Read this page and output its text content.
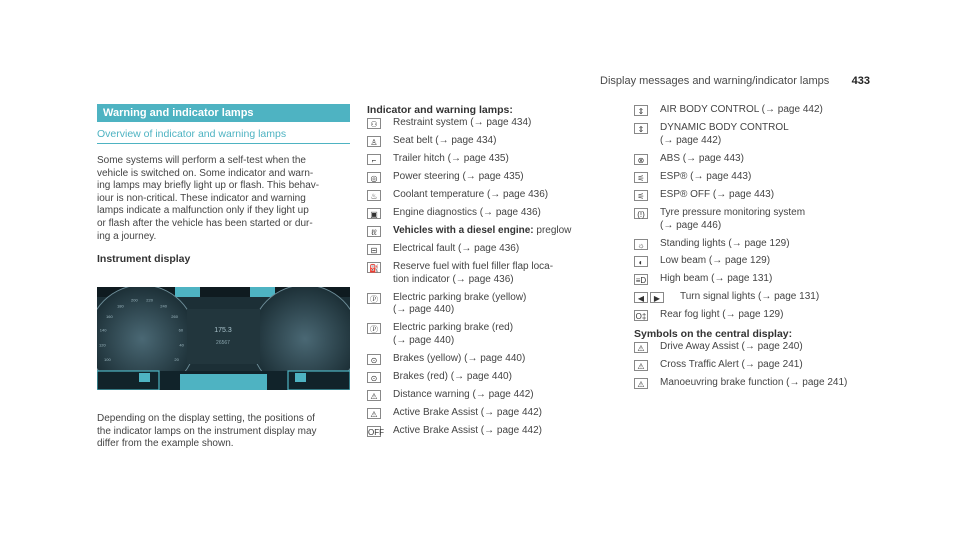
Display messages and warning/indicator lamps 433
Warning and indicator lamps
Overview of indicator and warning lamps
Some systems will perform a self-test when the
vehicle is switched on. Some indicator and warn-
ing lamps may briefly light up or flash. This behav-
iour is non-critical. These indicator and warning
lamps indicate a malfunction only if they light up
or flash after the vehicle has been started or dur-
ing a journey.
Instrument display
175.3
26567
100
120
140
160
180
200 220
240
260
60
40
20
Depending on the display setting, the positions of
the indicator lamps on the instrument display may
differ from the example shown.
Indicator and warning lamps:
⚇	Restraint system (→ page 434)
♙	Seat belt (→ page 434)
⌐	Trailer hitch (→ page 435)
◎	Power steering (→ page 435)
♨	Coolant temperature (→ page 436)
▣	Engine diagnostics (→ page 436)
ℓℓ	Vehicles with a diesel engine: preglow
⊟	Electrical fault (→ page 436)
⛽ Reserve fuel with fuel filler flap loca-
tion indicator (→ page 436)
Ⓟ	Electric parking brake (yellow)
(→ page 440)
Ⓟ	Electric parking brake (red)
(→ page 440)
⊙	Brakes (yellow) (→ page 440)
⊙	Brakes (red) (→ page 440)
⚠	Distance warning (→ page 442)
⚠	Active Brake Assist (→ page 442)
OFF Active Brake Assist (→ page 442)
⇕	AIR BODY CONTROL (→ page 442)
⇕	DYNAMIC BODY CONTROL
(→ page 442)
⊗	ABS (→ page 443)
⚟	ESP® (→ page 443)
⚟	ESP® OFF (→ page 443)
(!)	Tyre pressure monitoring system
(→ page 446)
☼	Standing lights (→ page 129)
◐	Low beam (→ page 129)
≡D High beam (→ page 131)
◀	▶	Turn signal lights (→ page 131)
O‡ Rear fog light (→ page 129)
Symbols on the central display:
⚠	Drive Away Assist (→ page 240)
⚠	Cross Traffic Alert (→ page 241)
⚠	Manoeuvring brake function (→ page 241)
